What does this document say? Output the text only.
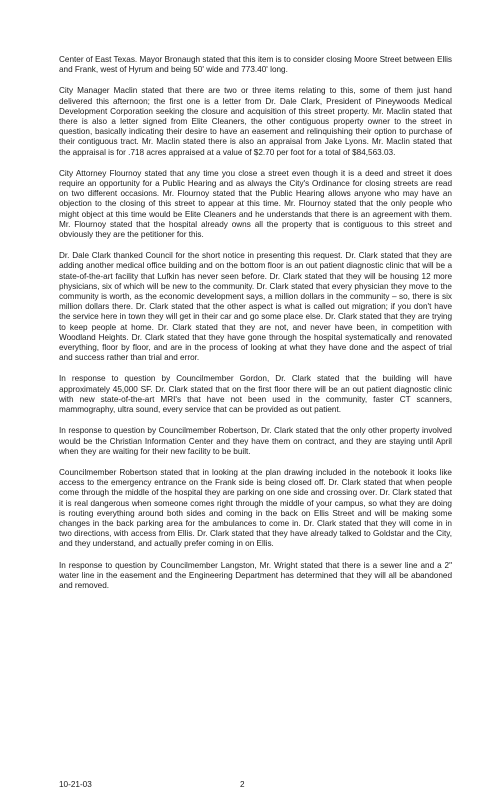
Center of East Texas. Mayor Bronaugh stated that this item is to consider closing Moore Street between Ellis and Frank, west of Hyrum and being 50' wide and 773.40' long.

City Manager Maclin stated that there are two or three items relating to this, some of them just hand delivered this afternoon; the first one is a letter from Dr. Dale Clark, President of Pineywoods Medical Development Corporation seeking the closure and acquisition of this street property. Mr. Maclin stated that there is also a letter signed from Elite Cleaners, the other contiguous property owner to the street in question, basically indicating their desire to have an easement and relinquishing their option to purchase of their contiguous tract. Mr. Maclin stated there is also an appraisal from Jake Lyons. Mr. Maclin stated that the appraisal is for .718 acres appraised at a value of $2.70 per foot for a total of $84,563.03.

City Attorney Flournoy stated that any time you close a street even though it is a deed and street it does require an opportunity for a Public Hearing and as always the City's Ordinance for closing streets are read on two different occasions. Mr. Flournoy stated that the Public Hearing allows anyone who may have an objection to the closing of this street to appear at this time. Mr. Flournoy stated that the only people who might object at this time would be Elite Cleaners and he understands that there is an agreement with them. Mr. Flournoy stated that the hospital already owns all the property that is contiguous to this street and obviously they are the petitioner for this.

Dr. Dale Clark thanked Council for the short notice in presenting this request. Dr. Clark stated that they are adding another medical office building and on the bottom floor is an out patient diagnostic clinic that will be a state-of-the-art facility that Lufkin has never seen before. Dr. Clark stated that they will be housing 12 more physicians, six of which will be new to the community. Dr. Clark stated that every physician they move to the community is worth, as the economic development says, a million dollars in the community – so, there is six million dollars there. Dr. Clark stated that the other aspect is what is called out migration; if you don't have the service here in town they will get in their car and go some place else. Dr. Clark stated that they are trying to keep people at home. Dr. Clark stated that they are not, and never have been, in competition with Woodland Heights. Dr. Clark stated that they have gone through the hospital systematically and renovated everything, floor by floor, and are in the process of looking at what they have done and the aspect of trial and success rather than trial and error.

In response to question by Councilmember Gordon, Dr. Clark stated that the building will have approximately 45,000 SF. Dr. Clark stated that on the first floor there will be an out patient diagnostic clinic with new state-of-the-art MRI's that have not been used in the community, faster CT scanners, mammography, ultra sound, every service that can be provided as out patient.

In response to question by Councilmember Robertson, Dr. Clark stated that the only other property involved would be the Christian Information Center and they have them on contract, and they are staying until April when they are waiting for their new facility to be built.

Councilmember Robertson stated that in looking at the plan drawing included in the notebook it looks like access to the emergency entrance on the Frank side is being closed off. Dr. Clark stated that when people come through the middle of the hospital they are parking on one side and crossing over. Dr. Clark stated that it is real dangerous when someone comes right through the middle of your campus, so what they are doing is routing everything around both sides and coming in the back on Ellis Street and will be making some changes in the back parking area for the ambulances to come in. Dr. Clark stated that they will come in in two directions, with access from Ellis. Dr. Clark stated that they have already talked to Goldstar and the City, and they understand, and actually prefer coming in on Ellis.

In response to question by Councilmember Langston, Mr. Wright stated that there is a sewer line and a 2" water line in the easement and the Engineering Department has determined that they will all be abandoned and removed.

10-21-03	2
